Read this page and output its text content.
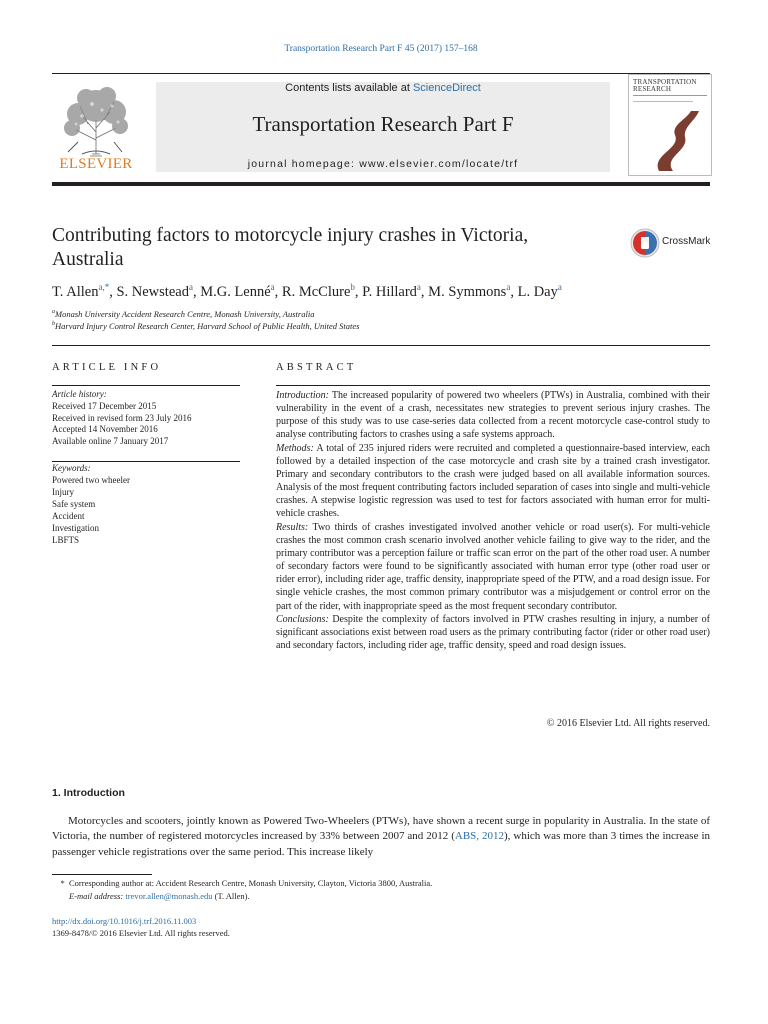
Transportation Research Part F 45 (2017) 157–168
ELSEVIER
Contents lists available at ScienceDirect
Transportation Research Part F
journal homepage: www.elsevier.com/locate/trf
TRANSPORTATION RESEARCH
Contributing factors to motorcycle injury crashes in Victoria,
Australia
CrossMark
T. Allen$^{a,*}$, S. Newstead$^a$, M.G. Lenné$^a$, R. McClure$^b$, P. Hillard$^a$, M. Symmons$^a$, L. Day$^a$
$^a$Monash University Accident Research Centre, Monash University, Australia
$^b$Harvard Injury Control Research Center, Harvard School of Public Health, United States
ARTICLE INFO
Article history:
Received 17 December 2015
Received in revised form 23 July 2016
Accepted 14 November 2016
Available online 7 January 2017
Keywords:
Powered two wheeler
Injury
Safe system
Accident
Investigation
LBFTS
ABSTRACT

Introduction: The increased popularity of powered two wheelers (PTWs) in Australia, combined with their vulnerability in the event of a crash, necessitates new strategies to prevent serious injury crashes. The purpose of this study was to use case-series data collected from a recent motorcycle case-control study to analyse contributing factors to crashes using a safe systems approach.

Methods: A total of 235 injured riders were recruited and completed a questionnaire-based interview, each followed by a detailed inspection of the case motorcycle and crash site by a trained crash investigator. Primary and secondary contributors to the crash were judged based on all available information sources. Analysis of the most frequent contributing factors included separation of cases into single and multi-vehicle crashes. A stepwise logistic regression was used to test for factors associated with human error for multi-vehicle crashes.

Results: Two thirds of crashes investigated involved another vehicle or road user(s). For multi-vehicle crashes the most common crash scenario involved another vehicle failing to give way to the rider, and the primary contributor was a perception failure or traffic scan error on the part of the other road user. A number of secondary factors were found to be significantly associated with human error type (other road user or rider error), including rider age, traffic density, inappropriate speed of the PTW, and a road design issue. For single vehicle crashes, the most common primary contributor was a misjudgement or control error on the part of the rider, with inappropriate speed as the most frequent secondary contributor.

Conclusions: Despite the complexity of factors involved in PTW crashes resulting in injury, a number of significant associations exist between road users as the primary contributing factor (rider or other road user) and secondary factors, including rider age, traffic density, speed and road design issues.

© 2016 Elsevier Ltd. All rights reserved.
1. Introduction
Motorcycles and scooters, jointly known as Powered Two-Wheelers (PTWs), have shown a recent surge in popularity in Australia. In the state of Victoria, the number of registered motorcycles increased by 33% between 2007 and 2012 (ABS, 2012), which was more than 3 times the increase in passenger vehicle registrations over the same period. This increase likely
 *  Corresponding author at: Accident Research Centre, Monash University, Clayton, Victoria 3800, Australia.
  E-mail address: trevor.allen@monash.edu (T. Allen).
http://dx.doi.org/10.1016/j.trf.2016.11.003
1369-8478/© 2016 Elsevier Ltd. All rights reserved.
